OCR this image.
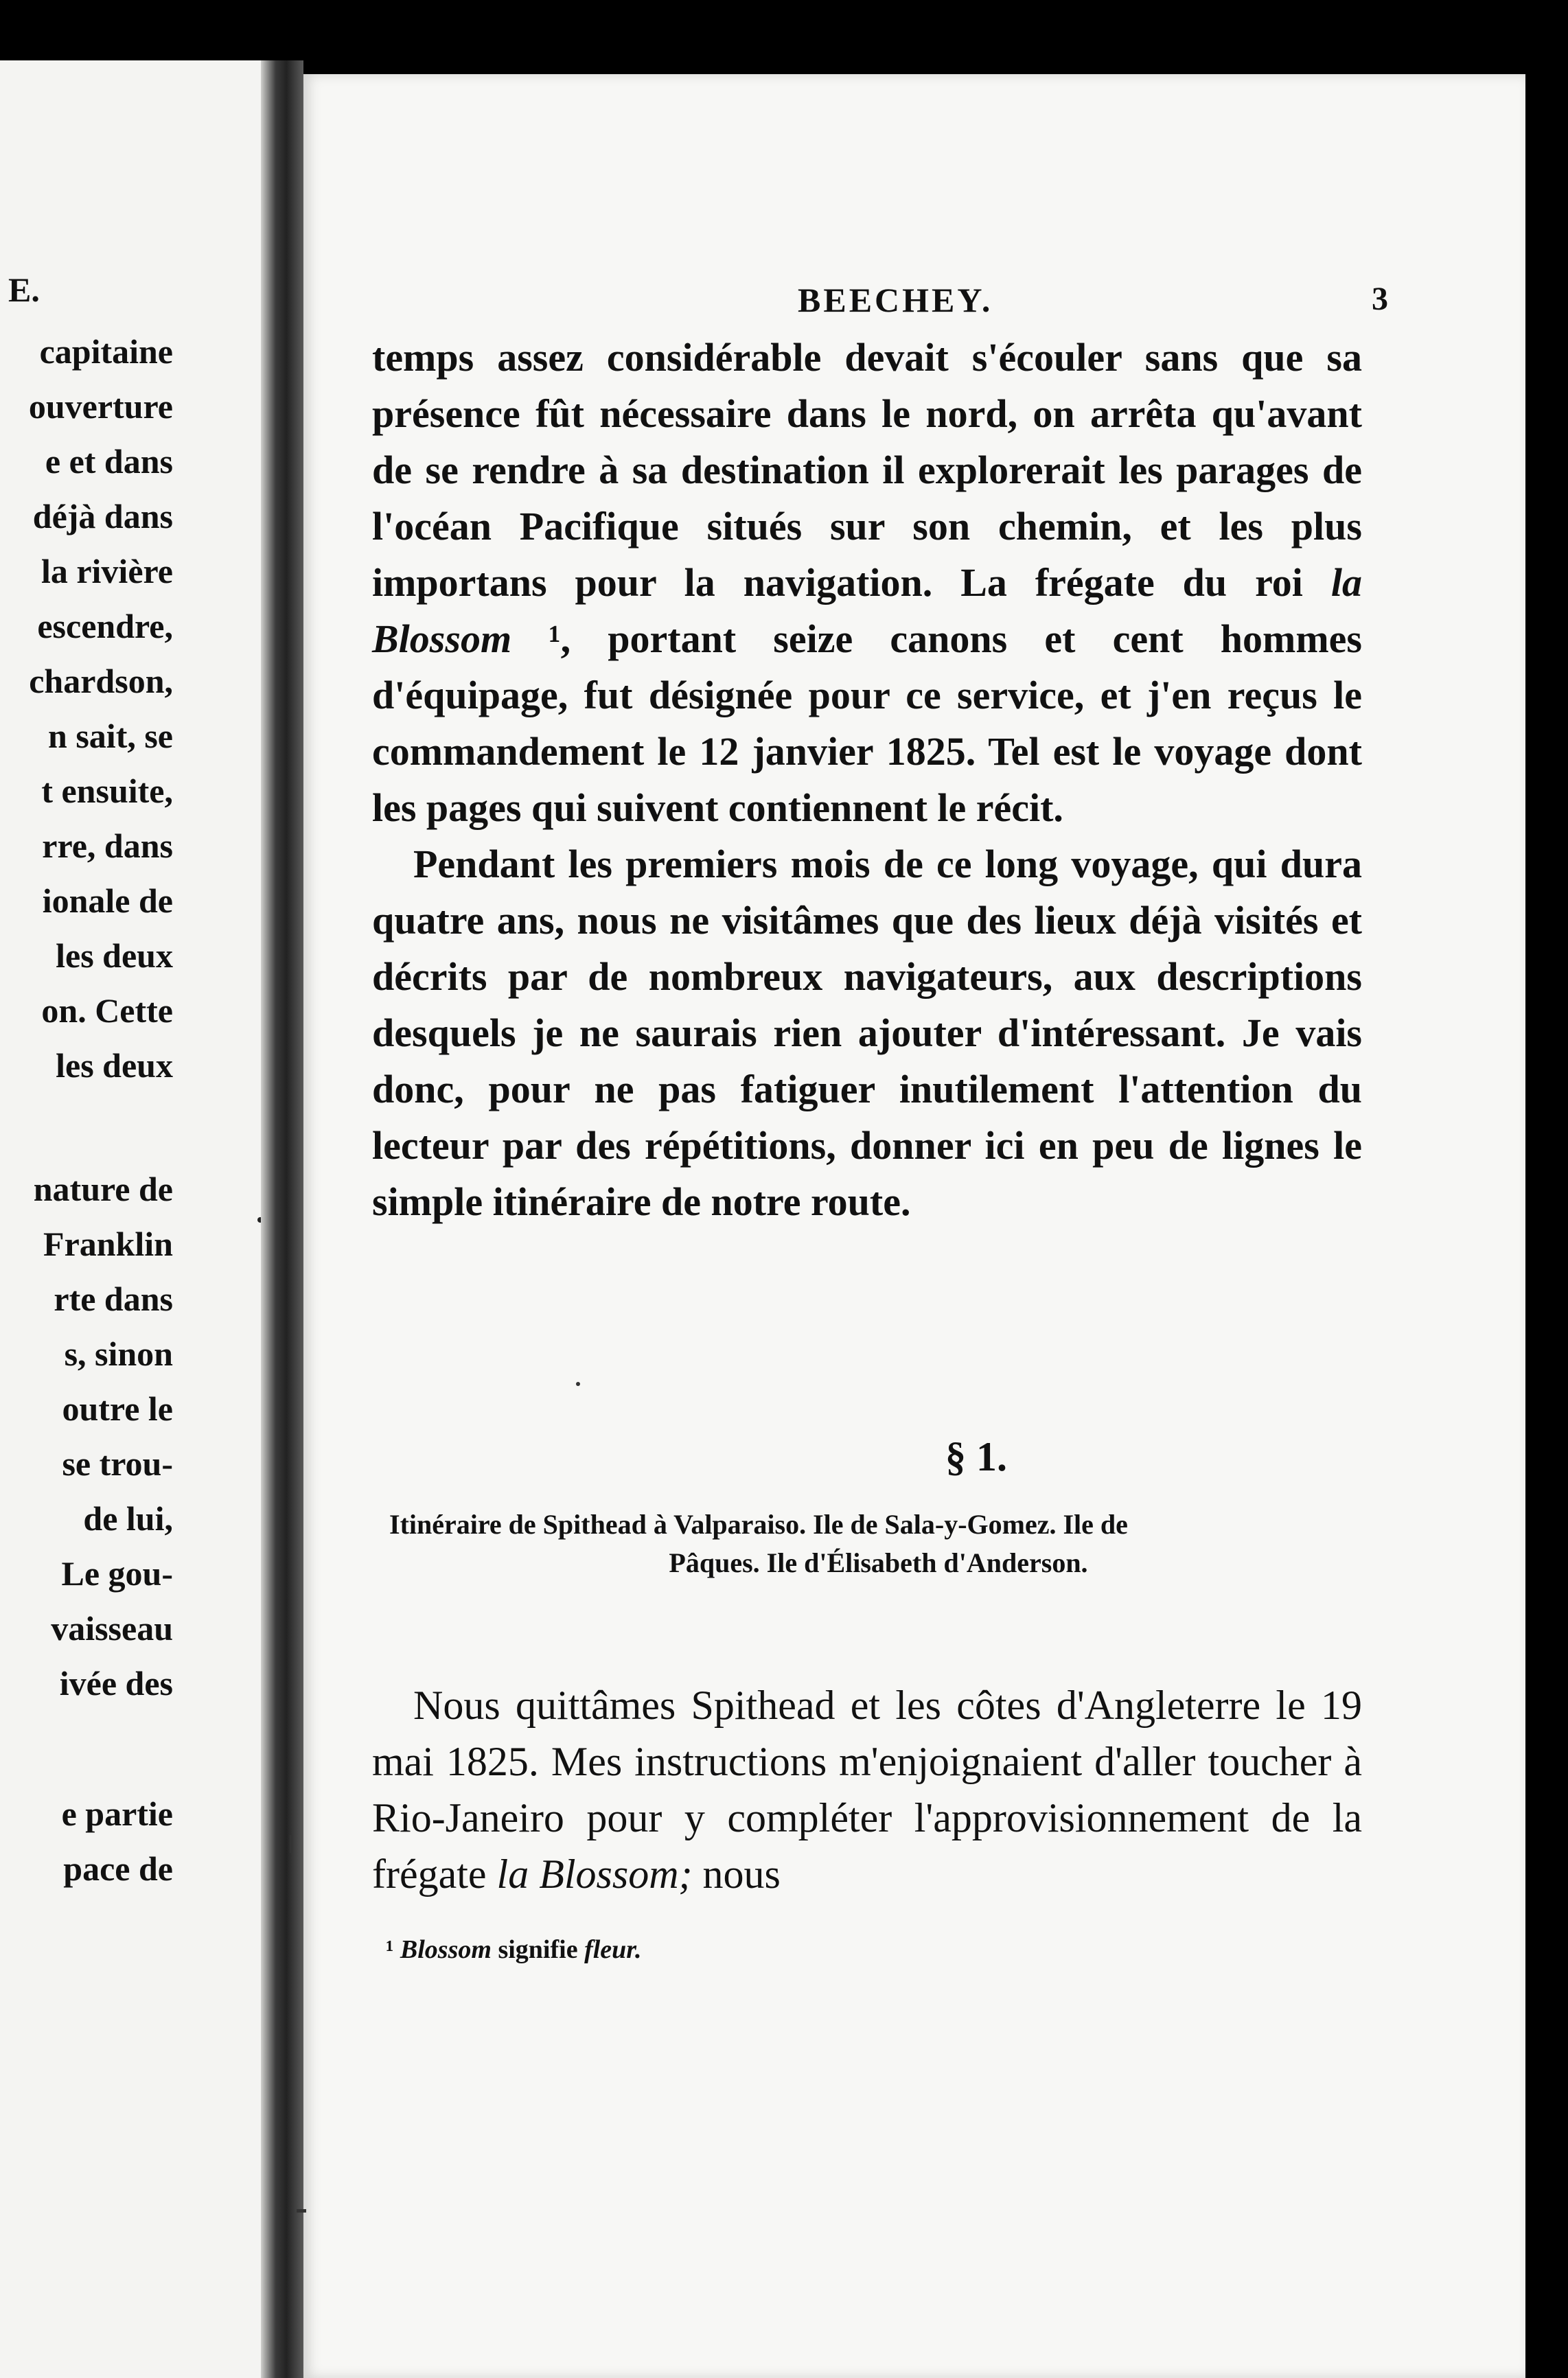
E.
capitaine
ouverture
e et dans
déjà dans
la rivière
escendre,
chardson,
n sait, se
t ensuite,
rre, dans
ionale de
les deux
on. Cette
les deux
nature de
Franklin
rte dans
s, sinon
outre le
se trou-
de lui,
Le gou-
vaisseau
ivée des
e partie
pace de
BEECHEY.	3

temps assez considérable devait s'écouler sans que sa présence fût nécessaire dans le nord, on arrêta qu'avant de se rendre à sa destination il explorerait les parages de l'océan Pacifique situés sur son chemin, et les plus importans pour la navigation. La frégate du roi la Blossom ¹, portant seize canons et cent hommes d'équipage, fut désignée pour ce service, et j'en reçus le commandement le 12 janvier 1825. Tel est le voyage dont les pages qui suivent contiennent le récit.

Pendant les premiers mois de ce long voyage, qui dura quatre ans, nous ne visitâmes que des lieux déjà visités et décrits par de nombreux navigateurs, aux descriptions desquels je ne saurais rien ajouter d'intéressant. Je vais donc, pour ne pas fatiguer inutilement l'attention du lecteur par des répétitions, donner ici en peu de lignes le simple itinéraire de notre route.

§ 1.
Itinéraire de Spithead à Valparaiso. Ile de Sala-y-Gomez. Ile de
Pâques. Ile d'Élisabeth d'Anderson.

Nous quittâmes Spithead et les côtes d'Angleterre le 19 mai 1825. Mes instructions m'enjoignaient d'aller toucher à Rio-Janeiro pour y compléter l'approvisionnement de la frégate la Blossom; nous

¹ Blossom signifie fleur.
